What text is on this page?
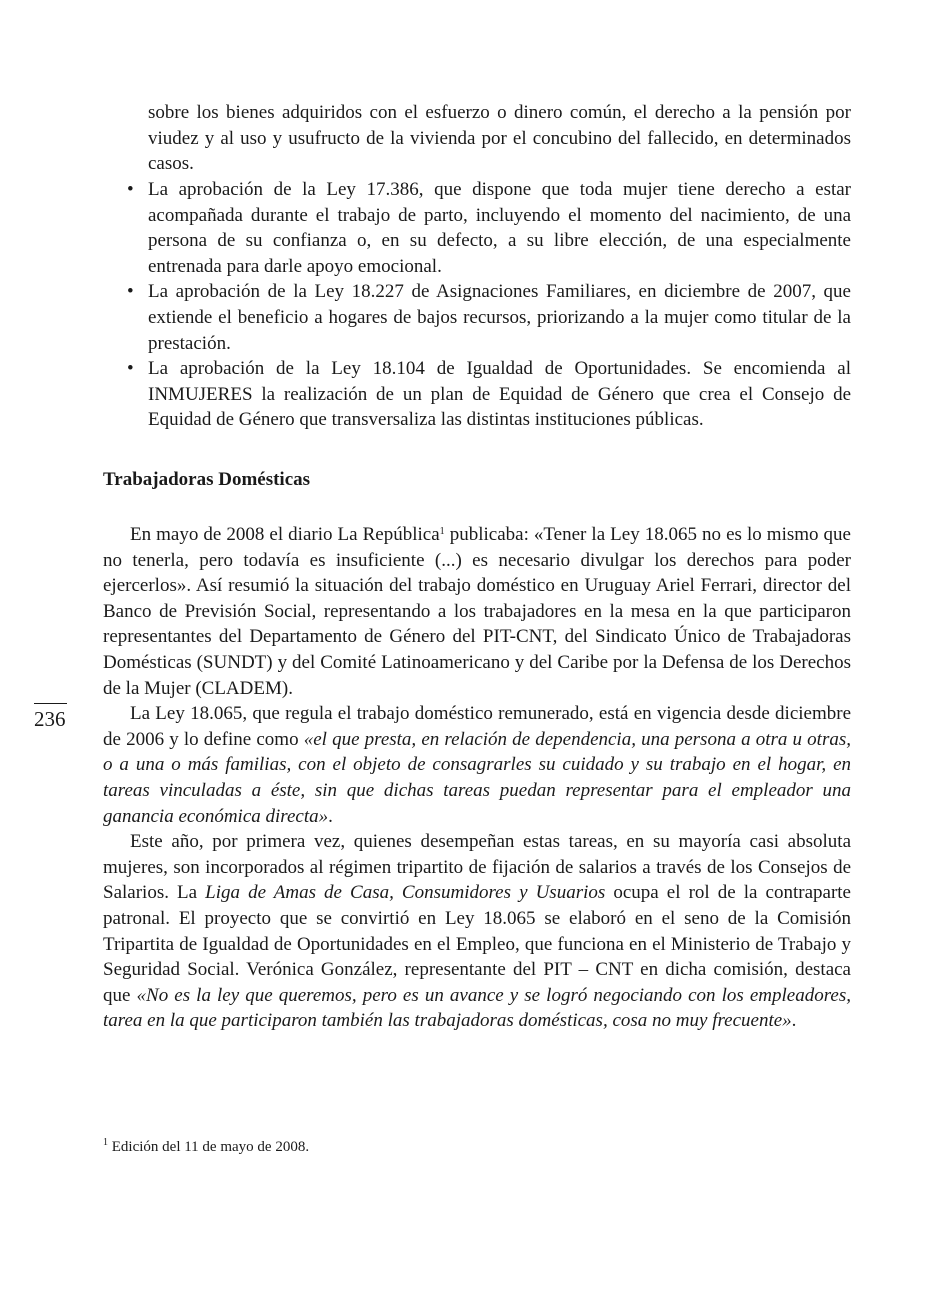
sobre los bienes adquiridos con el esfuerzo o dinero común, el derecho a la pensión por viudez y al uso y usufructo de la vivienda por el concubino del fallecido, en determinados casos.
• La aprobación de la Ley 17.386, que dispone que toda mujer tiene derecho a estar acompañada durante el trabajo de parto, incluyendo el momento del nacimiento, de una persona de su confianza o, en su defecto, a su libre elección, de una especialmente entrenada para darle apoyo emocional.
• La aprobación de la Ley 18.227 de Asignaciones Familiares, en diciembre de 2007, que extiende el beneficio a hogares de bajos recursos, priorizando a la mujer como titular de la prestación.
• La aprobación de la Ley 18.104 de Igualdad de Oportunidades. Se encomienda al INMUJERES la realización de un plan de Equidad de Género que crea el Consejo de Equidad de Género que transversaliza las distintas instituciones públicas.
Trabajadoras Domésticas

En mayo de 2008 el diario La República$^1$ publicaba: «Tener la Ley 18.065 no es lo mismo que no tenerla, pero todavía es insuficiente (...) es necesario divulgar los derechos para poder ejercerlos». Así resumió la situación del trabajo doméstico en Uruguay Ariel Ferrari, director del Banco de Previsión Social, representando a los trabajadores en la mesa en la que participaron representantes del Departamento de Género del PIT-CNT, del Sindicato Único de Trabajadoras Domésticas (SUNDT) y del Comité Latinoamericano y del Caribe por la Defensa de los Derechos de la Mujer (CLADEM).

La Ley 18.065, que regula el trabajo doméstico remunerado, está en vigencia desde diciembre de 2006 y lo define como «el que presta, en relación de dependencia, una persona a otra u otras, o a una o más familias, con el objeto de consagrarles su cuidado y su trabajo en el hogar, en tareas vinculadas a éste, sin que dichas tareas puedan representar para el empleador una ganancia económica directa».

Este año, por primera vez, quienes desempeñan estas tareas, en su mayoría casi absoluta mujeres, son incorporados al régimen tripartito de fijación de salarios a través de los Consejos de Salarios. La Liga de Amas de Casa, Consumidores y Usuarios ocupa el rol de la contraparte patronal. El proyecto que se convirtió en Ley 18.065 se elaboró en el seno de la Comisión Tripartita de Igualdad de Oportunidades en el Empleo, que funciona en el Ministerio de Trabajo y Seguridad Social. Verónica González, representante del PIT – CNT en dicha comisión, destaca que «No es la ley que queremos, pero es un avance y se logró negociando con los empleadores, tarea en la que participaron también las trabajadoras domésticas, cosa no muy frecuente».

236
$^1$ Edición del 11 de mayo de 2008.
